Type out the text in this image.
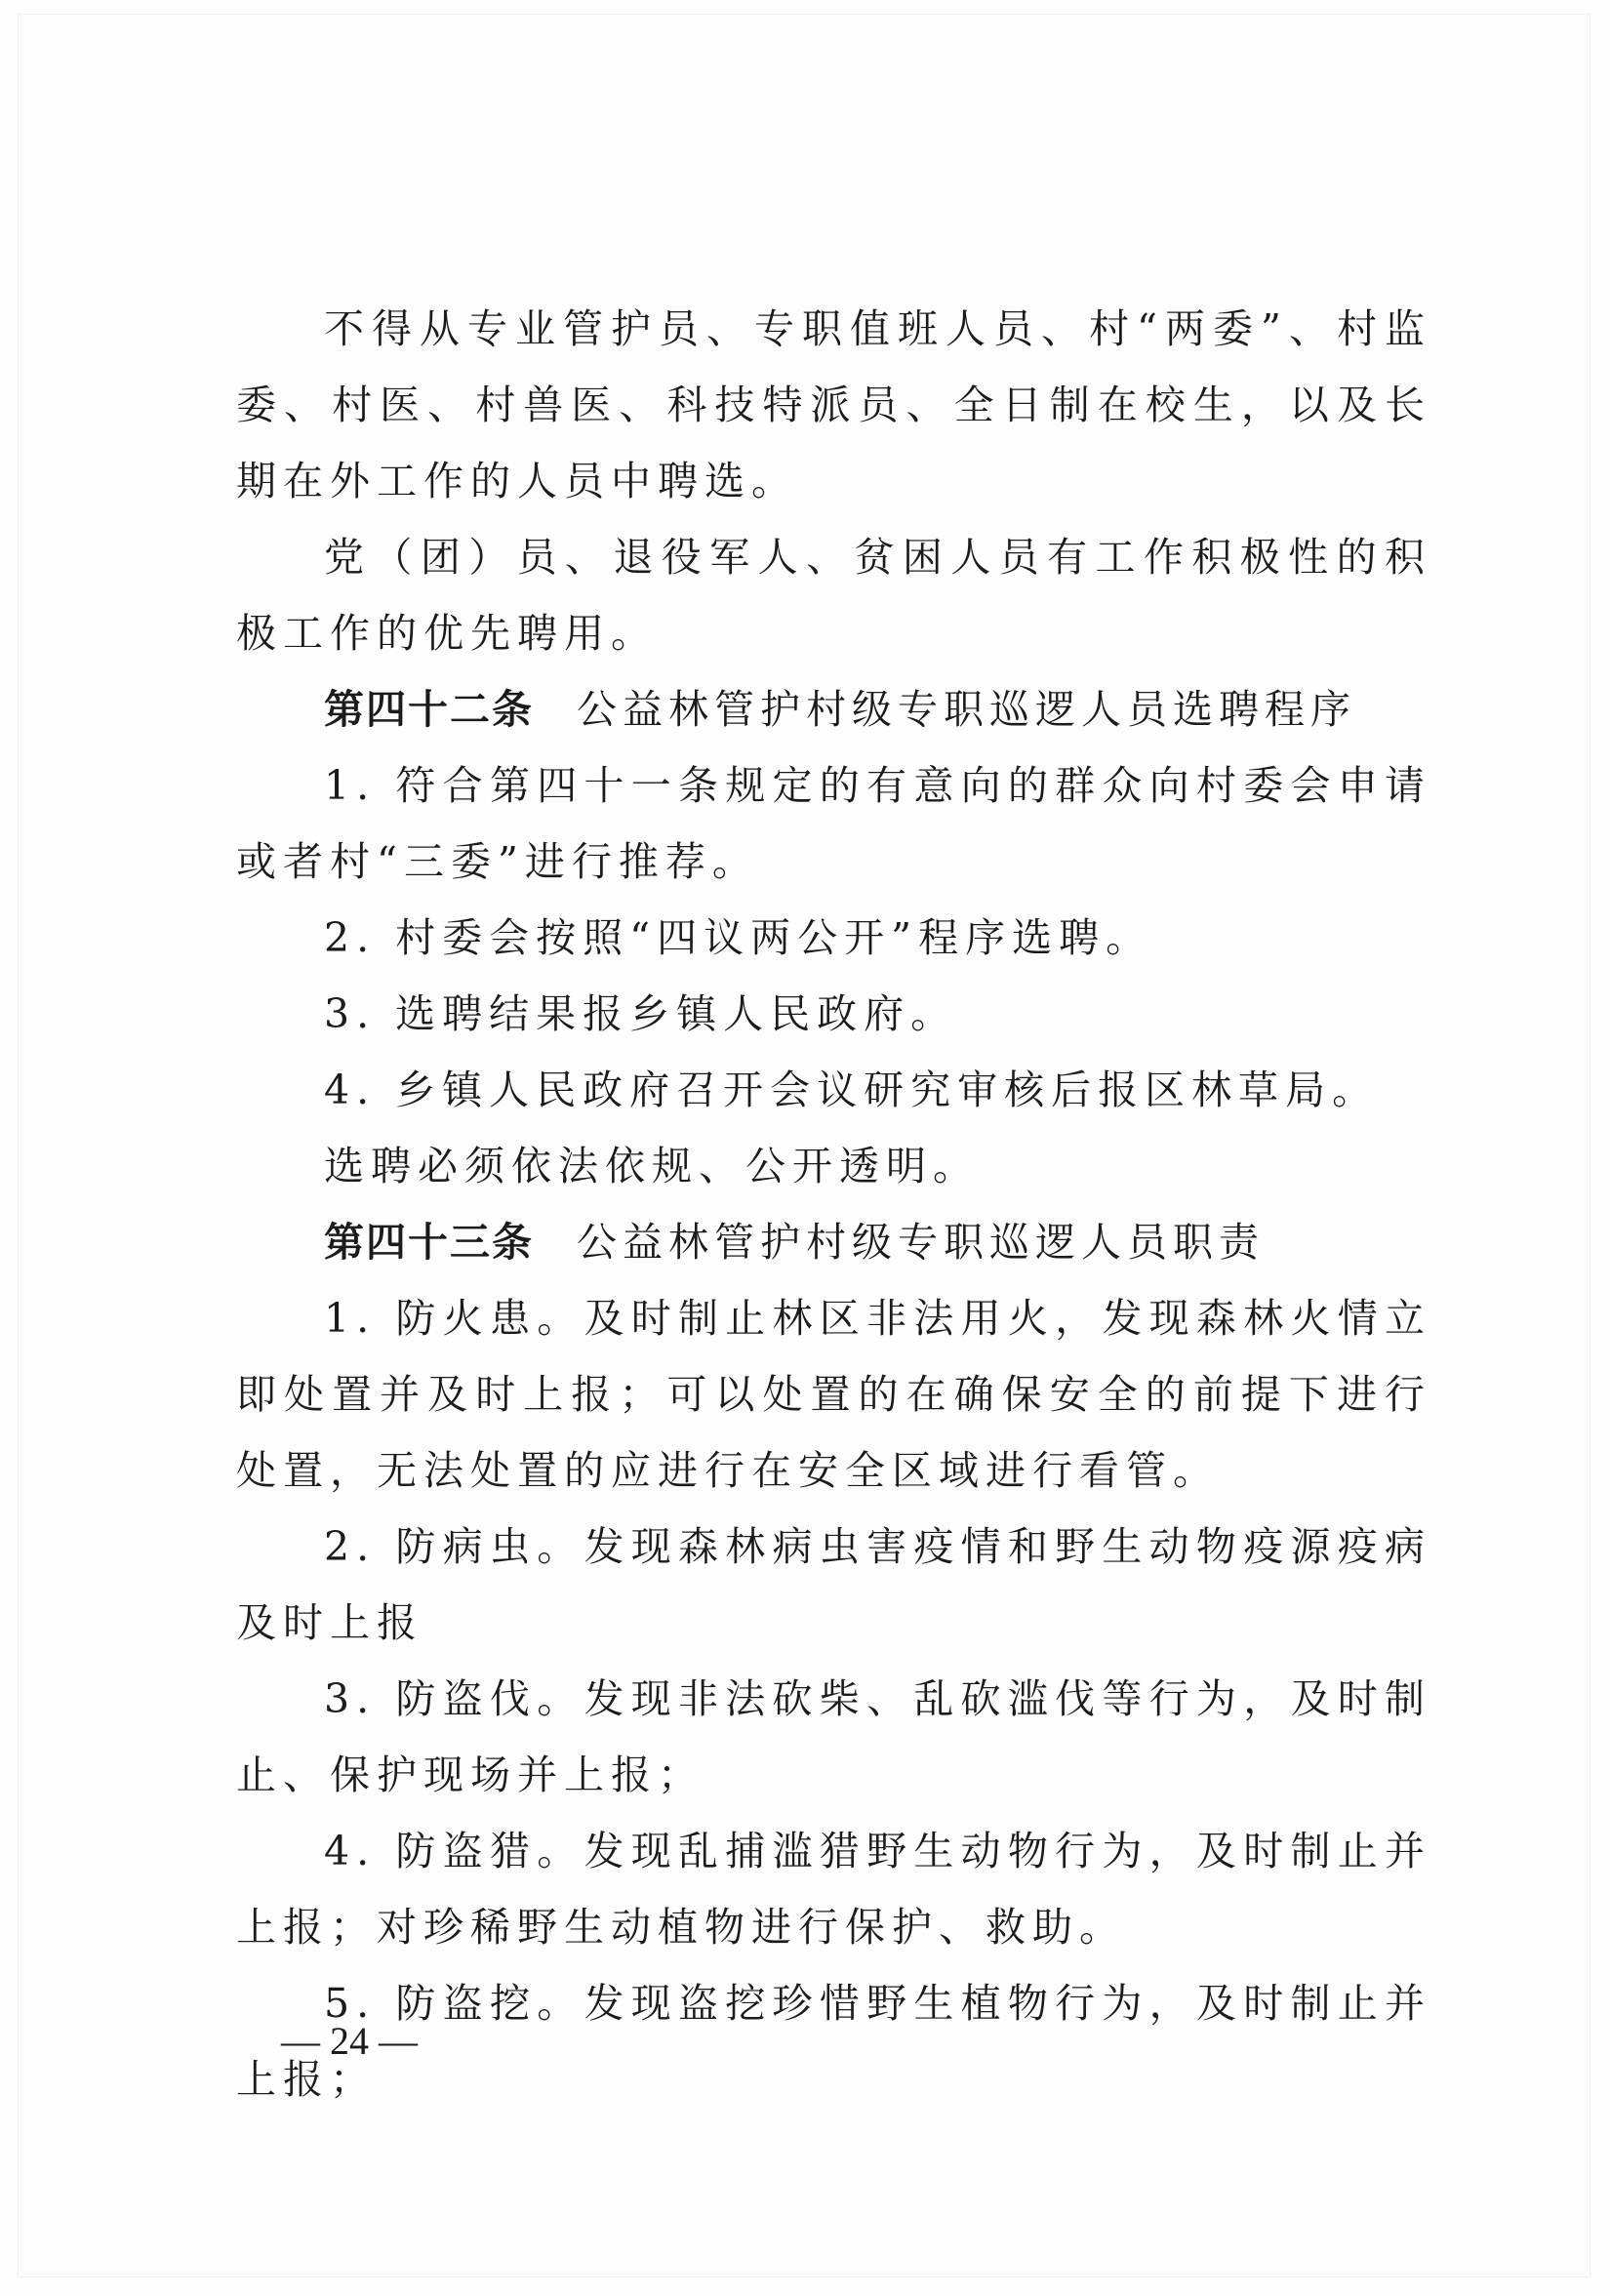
不得从专业管护员、专职值班人员、村“两委”、村监委、村医、村兽医、科技特派员、全日制在校生，以及长期在外工作的人员中聘选。

党（团）员、退役军人、贫困人员有工作积极性的积极工作的优先聘用。

第四十二条 公益林管护村级专职巡逻人员选聘程序

1. 符合第四十一条规定的有意向的群众向村委会申请或者村“三委”进行推荐。

2. 村委会按照“四议两公开”程序选聘。

3. 选聘结果报乡镇人民政府。

4. 乡镇人民政府召开会议研究审核后报区林草局。

选聘必须依法依规、公开透明。

第四十三条 公益林管护村级专职巡逻人员职责

1. 防火患。及时制止林区非法用火，发现森林火情立即处置并及时上报；可以处置的在确保安全的前提下进行处置，无法处置的应进行在安全区域进行看管。

2. 防病虫。发现森林病虫害疫情和野生动物疫源疫病及时上报

3. 防盗伐。发现非法砍柴、乱砍滥伐等行为，及时制止、保护现场并上报；

4. 防盗猎。发现乱捕滥猎野生动物行为，及时制止并上报；对珍稀野生动植物进行保护、救助。

5. 防盗挖。发现盗挖珍惜野生植物行为，及时制止并上报；

— 24 —
